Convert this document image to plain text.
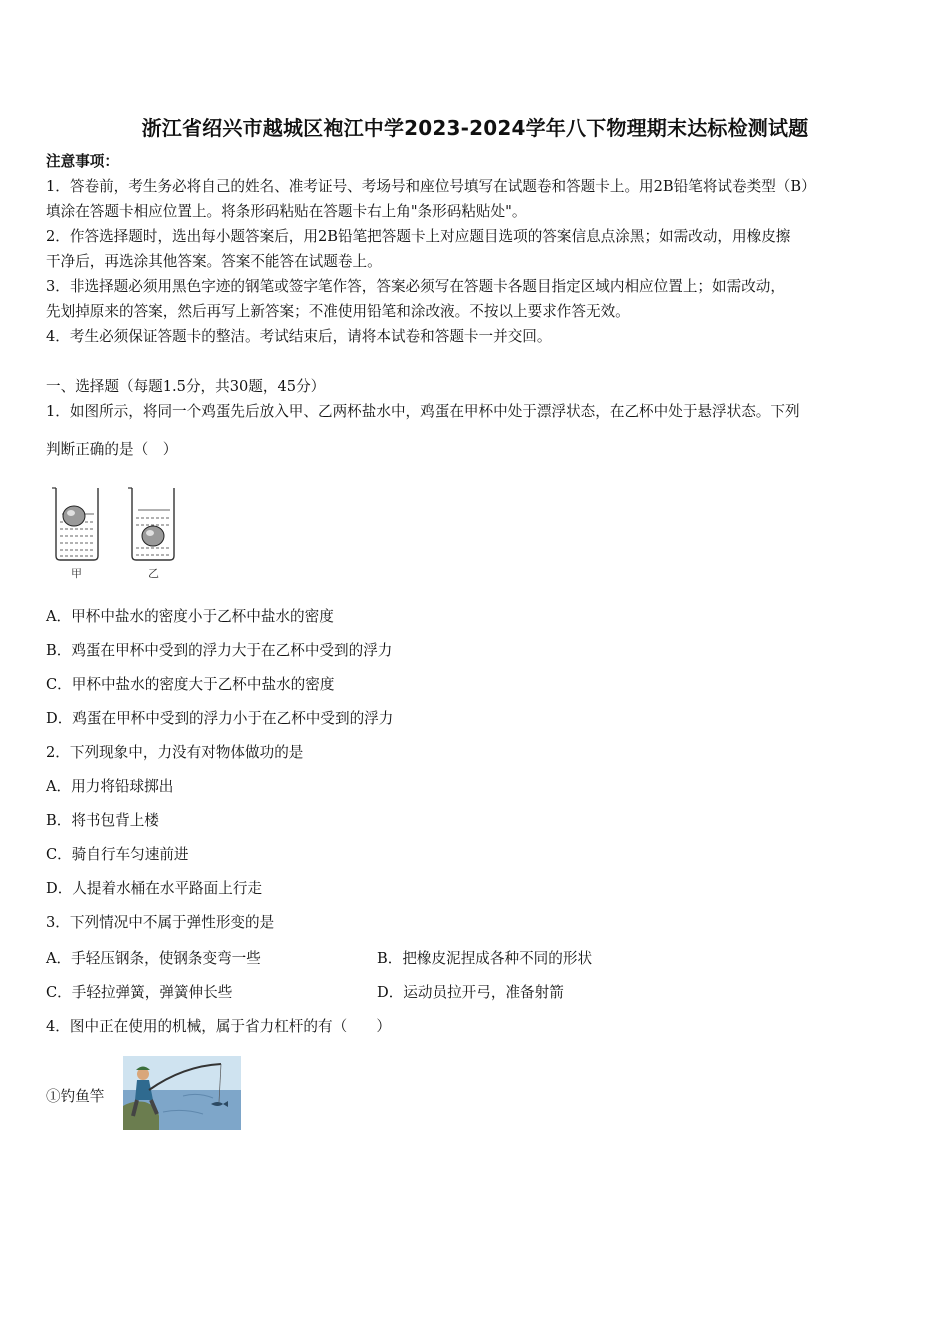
浙江省绍兴市越城区袍江中学2023-2024学年八下物理期末达标检测试题
注意事项：
1．答卷前，考生务必将自己的姓名、准考证号、考场号和座位号填写在试题卷和答题卡上。用2B铅笔将试卷类型（B）
填涂在答题卡相应位置上。将条形码粘贴在答题卡右上角"条形码粘贴处"。
2．作答选择题时，选出每小题答案后，用2B铅笔把答题卡上对应题目选项的答案信息点涂黑；如需改动，用橡皮擦
干净后，再选涂其他答案。答案不能答在试题卷上。
3．非选择题必须用黑色字迹的钢笔或签字笔作答，答案必须写在答题卡各题目指定区域内相应位置上；如需改动，
先划掉原来的答案，然后再写上新答案；不准使用铅笔和涂改液。不按以上要求作答无效。
4．考生必须保证答题卡的整洁。考试结束后，请将本试卷和答题卡一并交回。
一、选择题（每题1.5分，共30题，45分）
1．如图所示，将同一个鸡蛋先后放入甲、乙两杯盐水中，鸡蛋在甲杯中处于漂浮状态，在乙杯中处于悬浮状态。下列
判断正确的是（　）
甲	乙
A．甲杯中盐水的密度小于乙杯中盐水的密度
B．鸡蛋在甲杯中受到的浮力大于在乙杯中受到的浮力
C．甲杯中盐水的密度大于乙杯中盐水的密度
D．鸡蛋在甲杯中受到的浮力小于在乙杯中受到的浮力
2．下列现象中，力没有对物体做功的是
A．用力将铅球掷出
B．将书包背上楼
C．骑自行车匀速前进
D．人提着水桶在水平路面上行走
3．下列情况中不属于弹性形变的是
A．手轻压钢条，使钢条变弯一些	B．把橡皮泥捏成各种不同的形状
C．手轻拉弹簧，弹簧伸长些	D．运动员拉开弓，准备射箭
4．图中正在使用的机械，属于省力杠杆的有（　　）
①钓鱼竿
